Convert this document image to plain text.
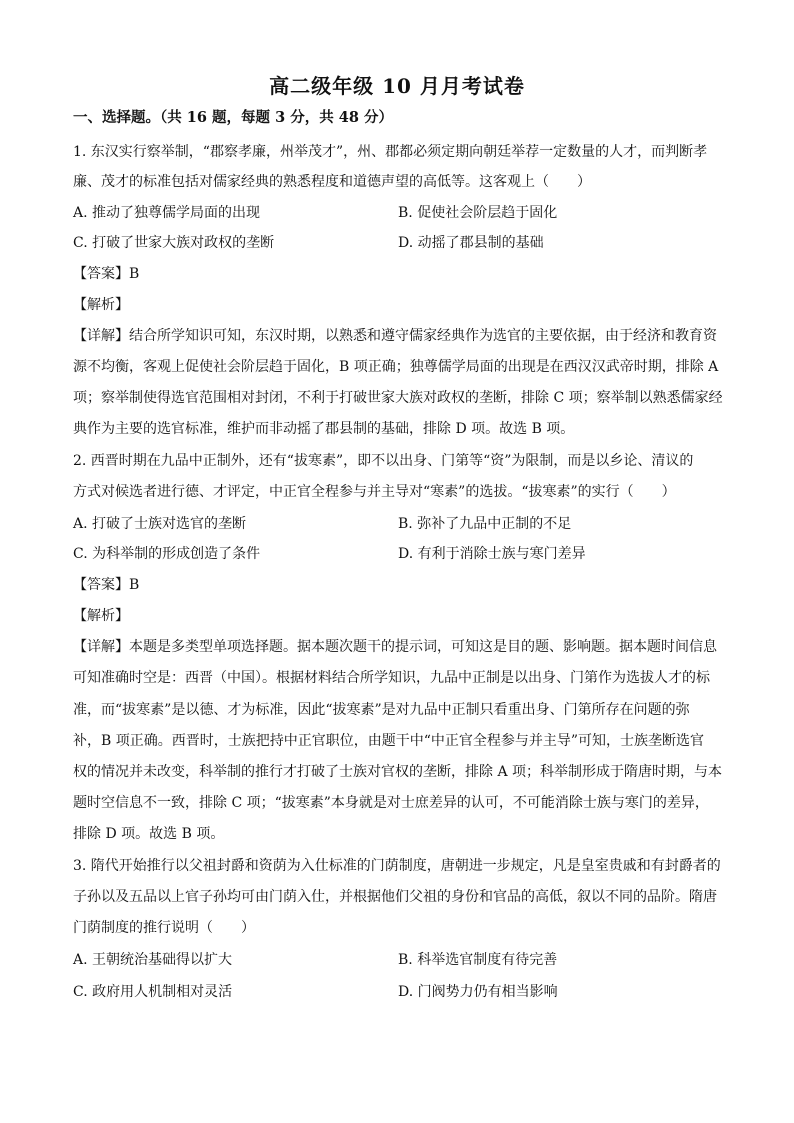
高二级年级 10 月月考试卷
一、选择题。（共 16 题，每题 3 分，共 48 分）
1. 东汉实行察举制，“郡察孝廉，州举茂才”，州、郡都必须定期向朝廷举荐一定数量的人才，而判断孝
廉、茂才的标准包括对儒家经典的熟悉程度和道德声望的高低等。这客观上（　　）
A. 推动了独尊儒学局面的出现	B. 促使社会阶层趋于固化
C. 打破了世家大族对政权的垄断	D. 动摇了郡县制的基础
【答案】B
【解析】
【详解】结合所学知识可知，东汉时期，以熟悉和遵守儒家经典作为选官的主要依据，由于经济和教育资
源不均衡，客观上促使社会阶层趋于固化，B 项正确；独尊儒学局面的出现是在西汉汉武帝时期，排除 A
项；察举制使得选官范围相对封闭，不利于打破世家大族对政权的垄断，排除 C 项；察举制以熟悉儒家经
典作为主要的选官标准，维护而非动摇了郡县制的基础，排除 D 项。故选 B 项。
2. 西晋时期在九品中正制外，还有“拔寒素”，即不以出身、门第等“资”为限制，而是以乡论、清议的
方式对候选者进行德、才评定，中正官全程参与并主导对“寒素”的选拔。“拔寒素”的实行（　　）
A. 打破了士族对选官的垄断	B. 弥补了九品中正制的不足
C. 为科举制的形成创造了条件	D. 有利于消除士族与寒门差异
【答案】B
【解析】
【详解】本题是多类型单项选择题。据本题次题干的提示词，可知这是目的题、影响题。据本题时间信息
可知准确时空是：西晋（中国）。根据材料结合所学知识，九品中正制是以出身、门第作为选拔人才的标
准，而“拔寒素”是以德、才为标准，因此“拔寒素”是对九品中正制只看重出身、门第所存在问题的弥
补，B 项正确。西晋时，士族把持中正官职位，由题干中“中正官全程参与并主导”可知，士族垄断选官
权的情况并未改变，科举制的推行才打破了士族对官权的垄断，排除 A 项；科举制形成于隋唐时期，与本
题时空信息不一致，排除 C 项；“拔寒素”本身就是对士庶差异的认可，不可能消除士族与寒门的差异，
排除 D 项。故选 B 项。
3. 隋代开始推行以父祖封爵和资荫为入仕标准的门荫制度，唐朝进一步规定，凡是皇室贵戚和有封爵者的
子孙以及五品以上官子孙均可由门荫入仕，并根据他们父祖的身份和官品的高低，叙以不同的品阶。隋唐
门荫制度的推行说明（　　）
A. 王朝统治基础得以扩大	B. 科举选官制度有待完善
C. 政府用人机制相对灵活	D. 门阀势力仍有相当影响
